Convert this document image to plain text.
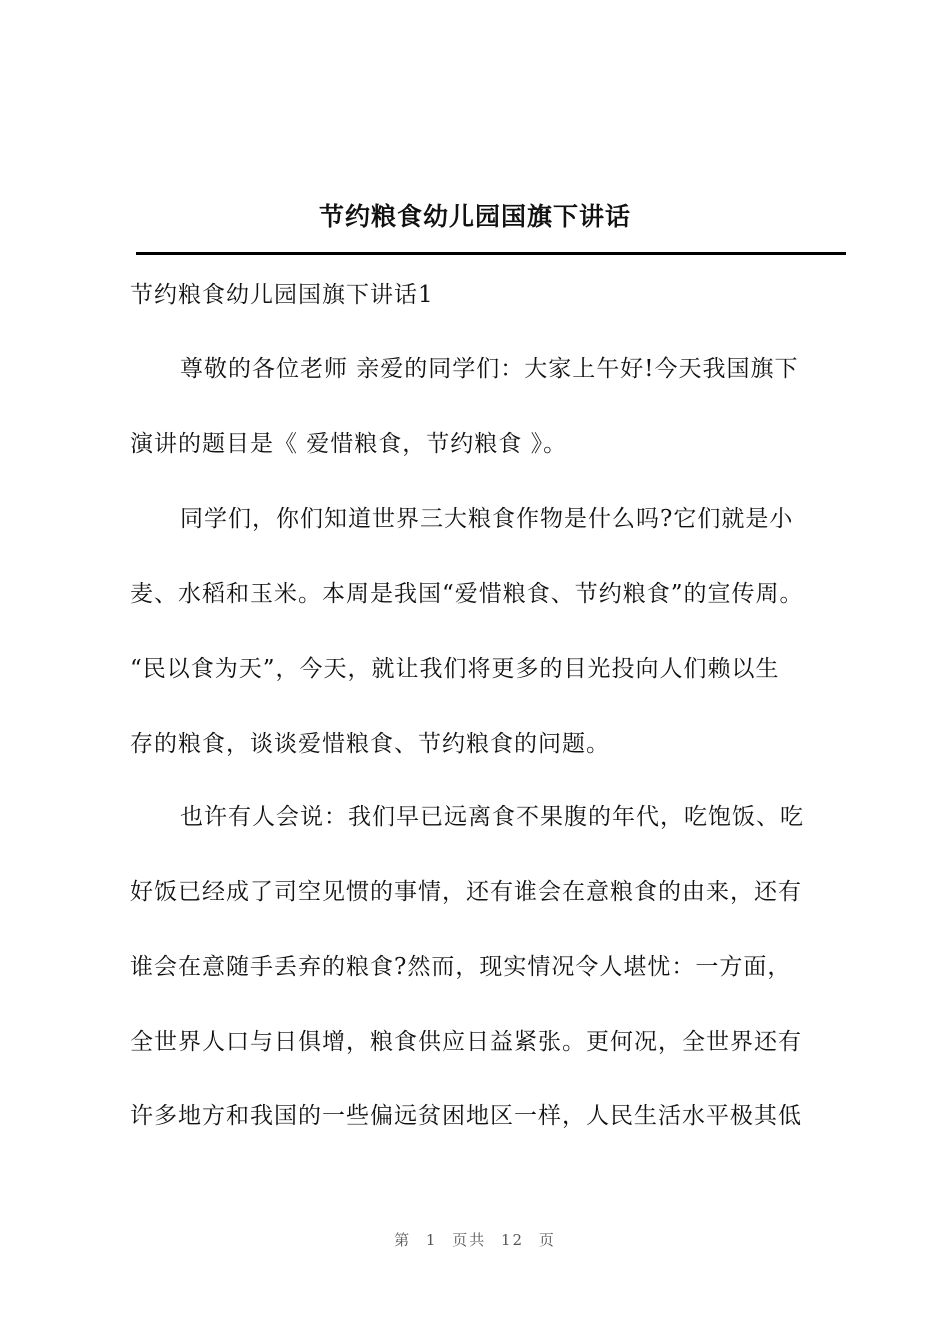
节约粮食幼儿园国旗下讲话
节约粮食幼儿园国旗下讲话1
尊敬的各位老师 亲爱的同学们：大家上午好!今天我国旗下
演讲的题目是《 爱惜粮食，节约粮食 》。
同学们，你们知道世界三大粮食作物是什么吗?它们就是小
麦、水稻和玉米。本周是我国“爱惜粮食、节约粮食”的宣传周。
“民以食为天”，今天，就让我们将更多的目光投向人们赖以生
存的粮食，谈谈爱惜粮食、节约粮食的问题。
也许有人会说：我们早已远离食不果腹的年代，吃饱饭、吃
好饭已经成了司空见惯的事情，还有谁会在意粮食的由来，还有
谁会在意随手丢弃的粮食?然而，现实情况令人堪忧：一方面，
全世界人口与日俱增，粮食供应日益紧张。更何况，全世界还有
许多地方和我国的一些偏远贫困地区一样，人民生活水平极其低
第 1 页共 12 页
